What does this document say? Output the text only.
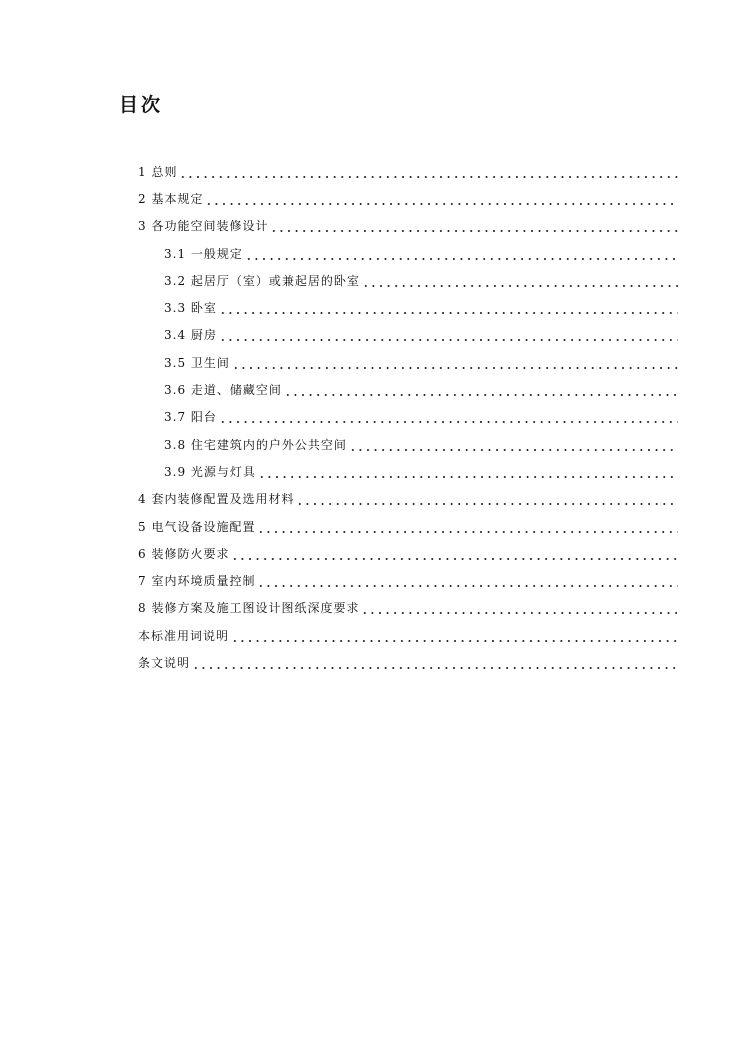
目次
1 总则
2 基本规定
3 各功能空间装修设计
3.1 一般规定
3.2 起居厅（室）或兼起居的卧室
3.3 卧室
3.4 厨房
3.5 卫生间
3.6 走道、储藏空间
3.7 阳台
3.8 住宅建筑内的户外公共空间
3.9 光源与灯具
4 套内装修配置及选用材料
5 电气设备设施配置
6 装修防火要求
7 室内环境质量控制
8 装修方案及施工图设计图纸深度要求
本标准用词说明
条文说明
